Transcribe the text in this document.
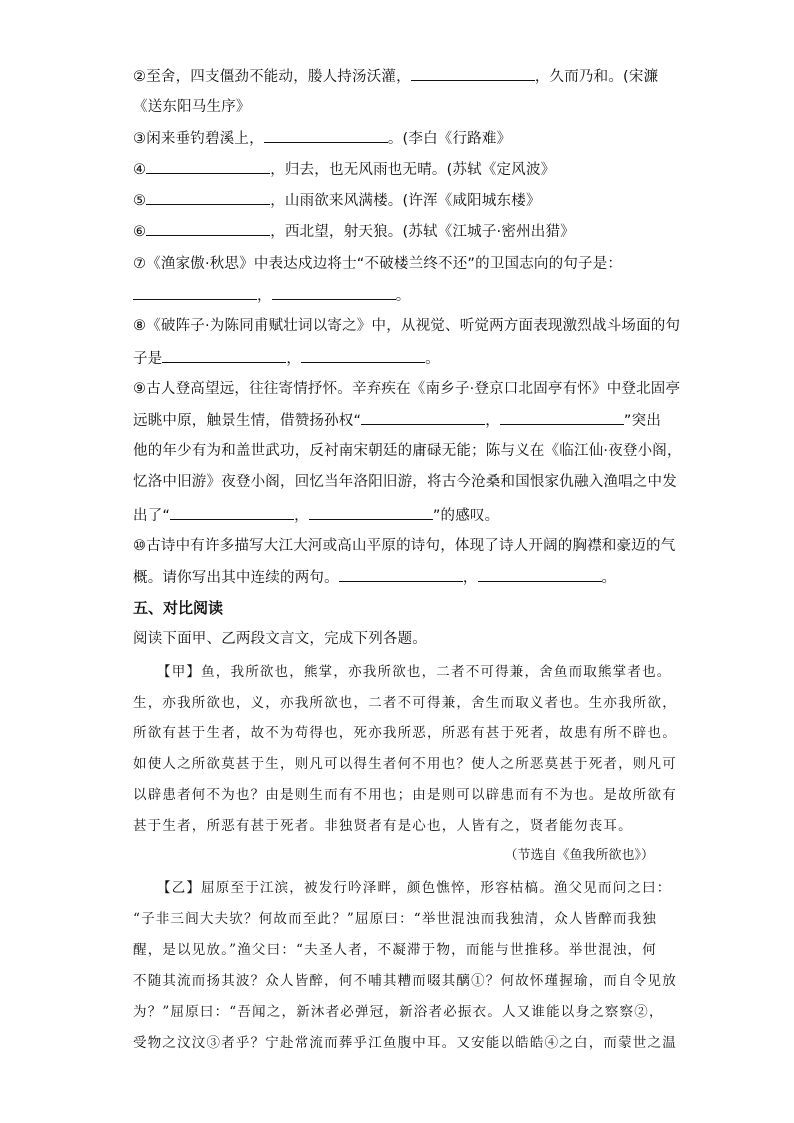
②至舍，四支僵劲不能动，媵人持汤沃灌，	，久而乃和。(宋濂
《送东阳马生序》
③闲来垂钓碧溪上，	。(李白《行路难》
④	，归去，也无风雨也无晴。(苏轼《定风波》
⑤	，山雨欲来风满楼。(许浑《咸阳城东楼》
⑥	，西北望，射天狼。(苏轼《江城子·密州出猎》
⑦《渔家傲·秋思》中表达戍边将士“不破楼兰终不还”的卫国志向的句子是：
，	。
⑧《破阵子·为陈同甫赋壮词以寄之》中，从视觉、听觉两方面表现激烈战斗场面的句
子是	，	。
⑨古人登高望远，往往寄情抒怀。辛弃疾在《南乡子·登京口北固亭有怀》中登北固亭
远眺中原，触景生情，借赞扬孙权“	，	”突出
他的年少有为和盖世武功，反衬南宋朝廷的庸碌无能；陈与义在《临江仙·夜登小阁，
忆洛中旧游》夜登小阁，回忆当年洛阳旧游，将古今沧桑和国恨家仇融入渔唱之中发
出了“	，	”的感叹。
⑩古诗中有许多描写大江大河或高山平原的诗句，体现了诗人开阔的胸襟和豪迈的气
概。请你写出其中连续的两句。	，	。
五、对比阅读
阅读下面甲、乙两段文言文，完成下列各题。
【甲】鱼，我所欲也，熊掌，亦我所欲也，二者不可得兼，舍鱼而取熊掌者也。
生，亦我所欲也，义，亦我所欲也，二者不可得兼，舍生而取义者也。生亦我所欲，
所欲有甚于生者，故不为苟得也，死亦我所恶，所恶有甚于死者，故患有所不辟也。
如使人之所欲莫甚于生，则凡可以得生者何不用也？使人之所恶莫甚于死者，则凡可
以辟患者何不为也？由是则生而有不用也；由是则可以辟患而有不为也。是故所欲有
甚于生者，所恶有甚于死者。非独贤者有是心也，人皆有之，贤者能勿丧耳。
（节选自《鱼我所欲也》）
【乙】屈原至于江滨，被发行吟泽畔，颜色憔悴，形容枯槁。渔父见而问之曰：
“子非三闾大夫欤？何故而至此？”屈原曰：“举世混浊而我独清，众人皆醉而我独
醒，是以见放。”渔父曰：“夫圣人者，不凝滞于物，而能与世推移。举世混浊，何
不随其流而扬其波？众人皆醉，何不哺其糟而啜其醨①？何故怀瑾握瑜，而自令见放
为？”屈原曰：“吾闻之，新沐者必弹冠，新浴者必振衣。人又谁能以身之察察②，
受物之汶汶③者乎？宁赴常流而葬乎江鱼腹中耳。又安能以皓皓④之白，而蒙世之温
